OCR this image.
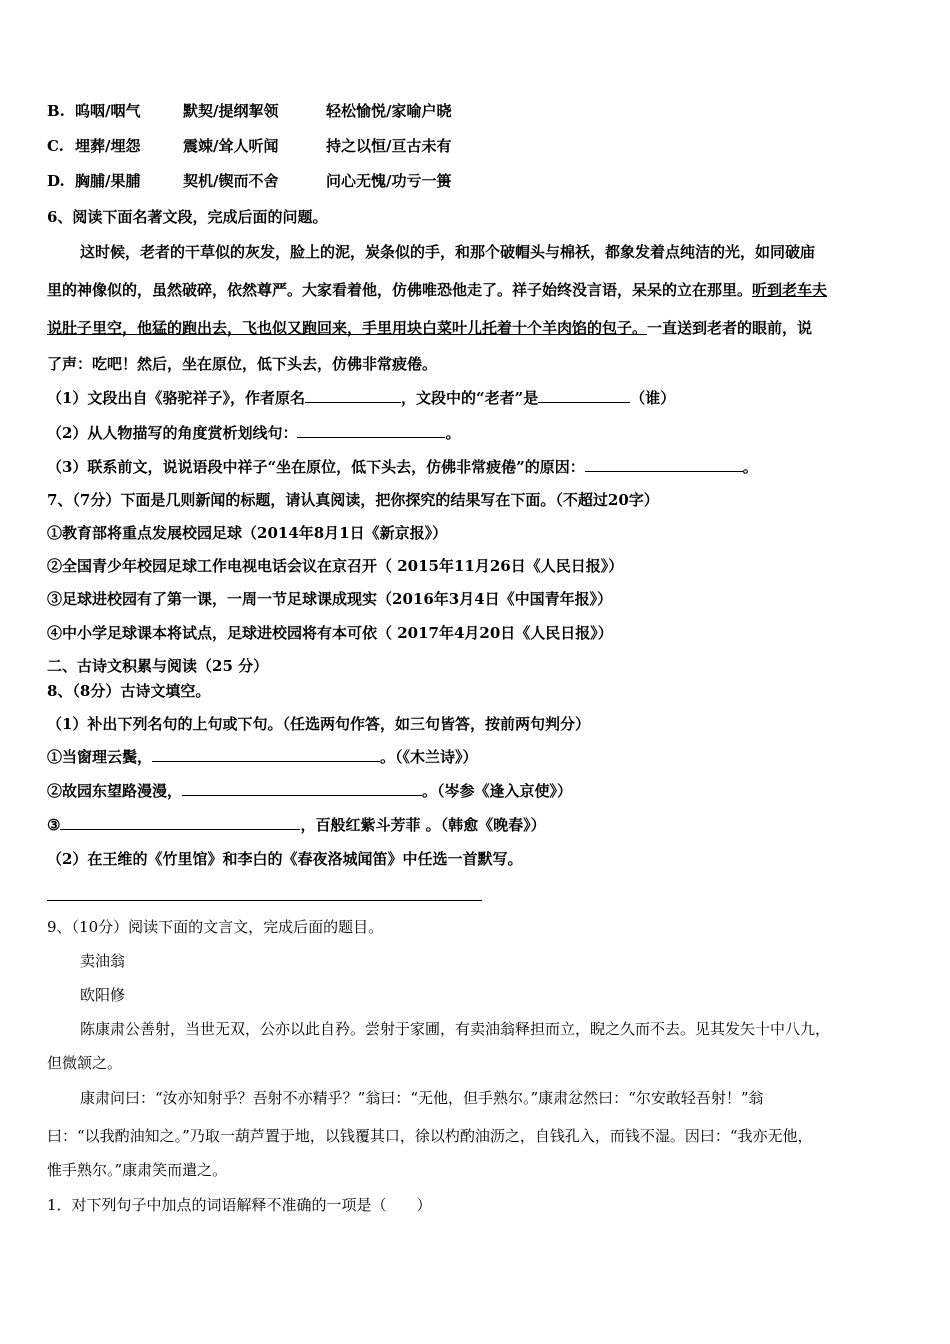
B. 呜咽/咽气	默契/提纲挈领	轻松愉悦/家喻户晓
C. 埋葬/埋怨	震竦/耸人听闻	持之以恒/亘古未有
D. 胸脯/果脯	契机/锲而不舍	问心无愧/功亏一篑
6、阅读下面名著文段，完成后面的问题。
这时候，老者的干草似的灰发，脸上的泥，炭条似的手，和那个破帽头与棉袄，都象发着点纯洁的光，如同破庙
里的神像似的，虽然破碎，依然尊严。大家看着他，仿佛唯恐他走了。祥子始终没言语，呆呆的立在那里。听到老车夫
说肚子里空，他猛的跑出去，飞也似又跑回来，手里用块白菜叶儿托着十个羊肉馅的包子。一直送到老者的眼前，说
了声：吃吧！然后，坐在原位，低下头去，仿佛非常疲倦。
（1）文段出自《骆驼祥子》，作者原名	，文段中的“老者”是	（谁）
（2）从人物描写的角度赏析划线句：	。
（3）联系前文，说说语段中祥子“坐在原位，低下头去，仿佛非常疲倦”的原因：	。
7、（7分）下面是几则新闻的标题，请认真阅读，把你探究的结果写在下面。（不超过20字）
①教育部将重点发展校园足球（2014年8月1日《新京报》）
②全国青少年校园足球工作电视电话会议在京召开（ 2015年11月26日《人民日报》）
③足球进校园有了第一课，一周一节足球课成现实（2016年3月4日《中国青年报》）
④中小学足球课本将试点，足球进校园将有本可依（ 2017年4月20日《人民日报》）
二、古诗文积累与阅读（25 分）
8、（8分）古诗文填空。
（1）补出下列名句的上句或下句。（任选两句作答，如三句皆答，按前两句判分）
①当窗理云鬓，	。（《木兰诗》）
②故园东望路漫漫，	。（岑参《逢入京使》）
③	，百般红紫斗芳菲 。（韩愈《晚春》）
（2）在王维的《竹里馆》和李白的《春夜洛城闻笛》中任选一首默写。
9、（10分）阅读下面的文言文，完成后面的题目。
卖油翁
欧阳修
陈康肃公善射，当世无双，公亦以此自矜。尝射于家圃，有卖油翁释担而立，睨之久而不去。见其发矢十中八九，
但微颔之。
康肃问曰：“汝亦知射乎？吾射不亦精乎？”翁曰：“无他，但手熟尔。”康肃忿然曰：“尔安敢轻吾射！”翁
曰：“以我酌油知之。”乃取一葫芦置于地，以钱覆其口，徐以杓酌油沥之，自钱孔入，而钱不湿。因曰：“我亦无他，
惟手熟尔。”康肃笑而遣之。
1．对下列句子中加点的词语解释不准确的一项是（　　）
